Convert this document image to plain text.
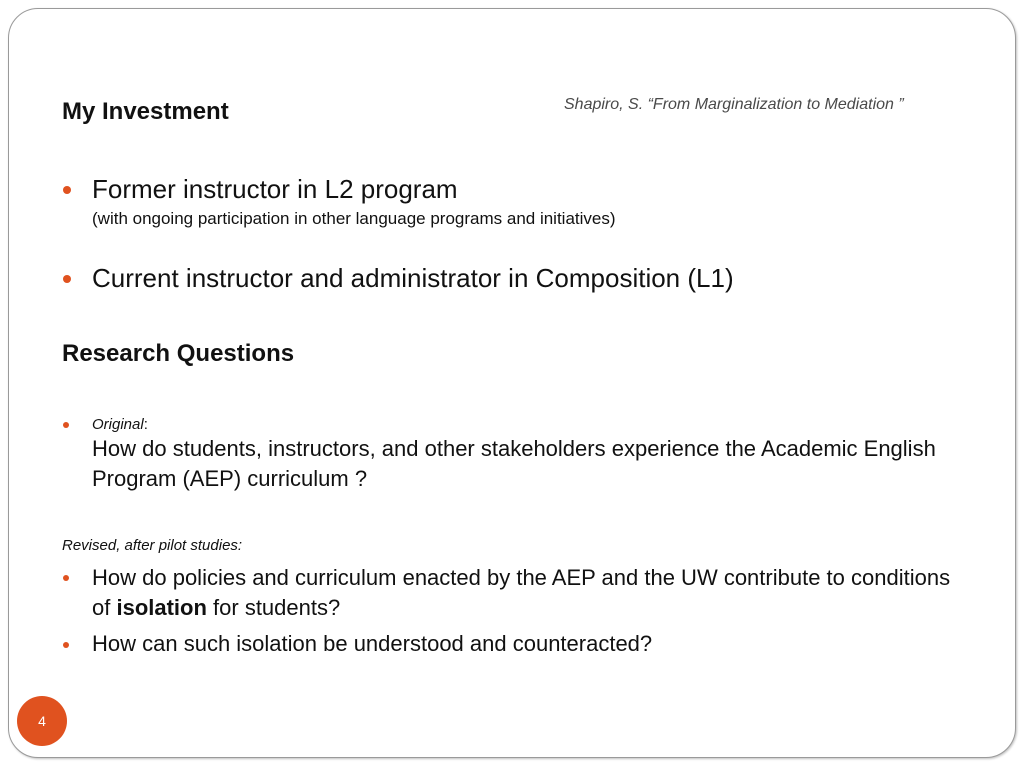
Shapiro, S. “From Marginalization to Mediation ”
My Investment
Former instructor in L2 program
(with ongoing participation in other language programs and initiatives)
Current instructor and administrator in Composition (L1)
Research Questions
Original:
How do students, instructors, and other stakeholders experience the Academic English Program (AEP) curriculum ?
Revised, after pilot studies:
How do policies and curriculum enacted by the AEP and the UW contribute to conditions of isolation for students?
How can such isolation be understood and counteracted?
4
